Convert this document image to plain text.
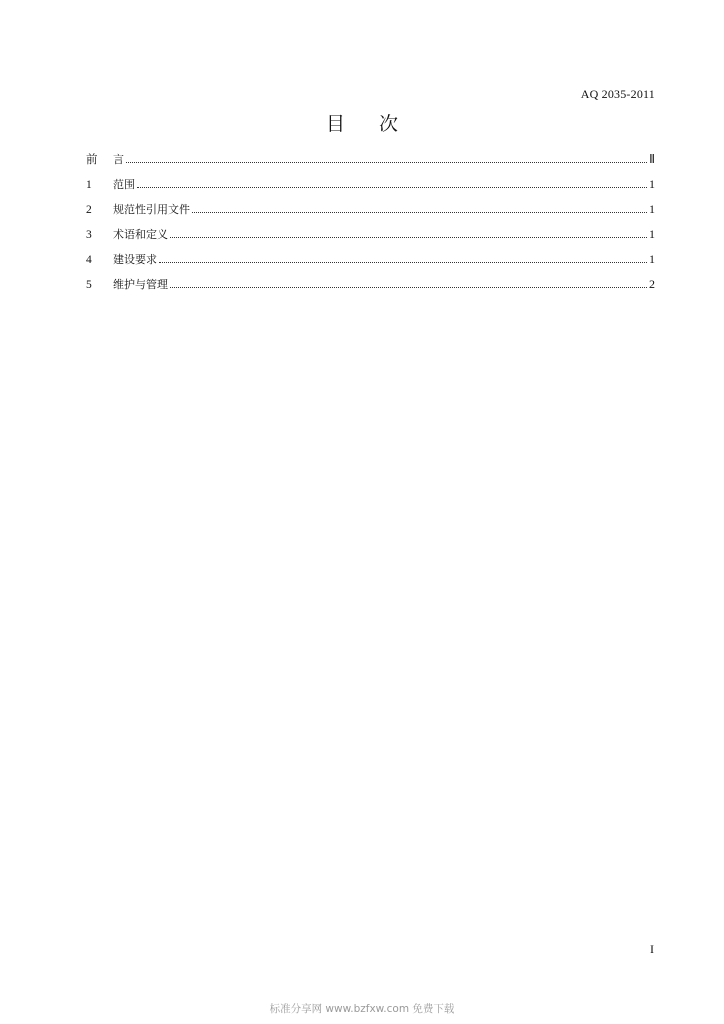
AQ 2035-2011
目 次
前	言	Ⅱ
1	范围	1
2	规范性引用文件	1
3	术语和定义	1
4	建设要求	1
5	维护与管理	2
I
标准分享网 www.bzfxw.com 免费下载
